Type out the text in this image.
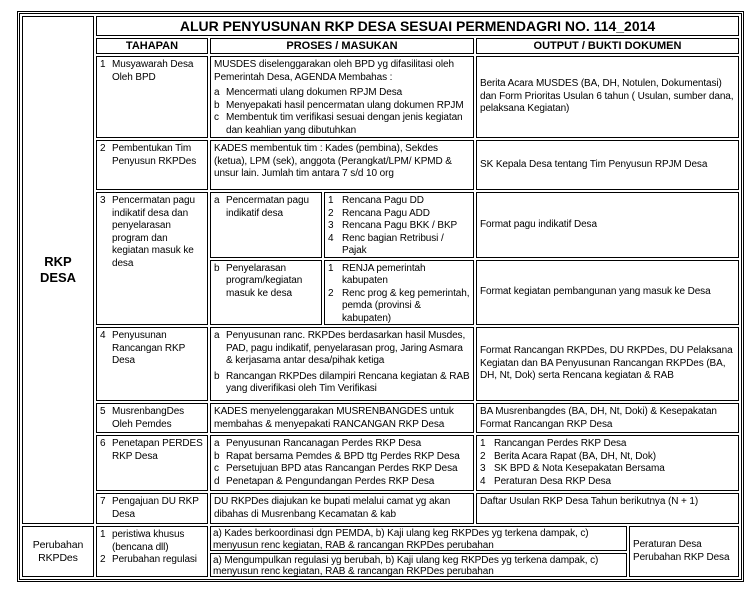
RKP
DESA
Perubahan
RKPDes
ALUR PENYUSUNAN RKP DESA SESUAI PERMENDAGRI NO. 114_2014
TAHAPAN	PROSES / MASUKAN	OUTPUT / BUKTI DOKUMEN
1 Musyawarah Desa Oleh BPD
MUSDES diselenggarakan oleh BPD yg difasilitasi oleh Pemerintah Desa, AGENDA Membahas :
a Mencermati ulang dokumen RPJM Desa
b Menyepakati hasil pencermatan ulang dokumen RPJM
c Membentuk tim verifikasi sesuai dengan jenis kegiatan dan keahlian yang dibutuhkan
Berita Acara MUSDES (BA, DH, Notulen, Dokumentasi) dan Form Prioritas Usulan 6 tahun ( Usulan, sumber dana, pelaksana Kegiatan)
2 Pembentukan Tim Penyusun RKPDes
KADES membentuk tim : Kades (pembina), Sekdes (ketua), LPM (sek), anggota (Perangkat/LPM/ KPMD & unsur lain. Jumlah tim antara 7 s/d 10 org
SK Kepala Desa tentang Tim Penyusun RPJM Desa
3 Pencermatan pagu indikatif desa dan penyelarasan program dan kegiatan masuk ke desa
a Pencermatan pagu indikatif desa
1 Rencana Pagu DD
2 Rencana Pagu ADD
3 Rencana Pagu BKK / BKP
4 Renc bagian Retribusi / Pajak
b Penyelarasan program/kegiatan masuk ke desa
1 RENJA pemerintah kabupaten
2 Renc prog & keg pemerintah, pemda (provinsi & kabupaten)
Format pagu indikatif Desa
Format kegiatan pembangunan yang masuk ke Desa
4 Penyusunan Rancangan RKP Desa
a Penyusunan ranc. RKPDes berdasarkan hasil Musdes, PAD, pagu indikatif, penyelarasan prog, Jaring Asmara & kerjasama antar desa/pihak ketiga
b Rancangan RKPDes dilampiri Rencana kegiatan & RAB yang diverifikasi oleh Tim Verifikasi
Format Rancangan RKPDes, DU RKPDes, DU Pelaksana Kegiatan dan BA Penyusunan Rancangan RKPDes (BA, DH, Nt, Dok) serta Rencana kegiatan & RAB
5 MusrenbangDes Oleh Pemdes
KADES menyelenggarakan MUSRENBANGDES untuk membahas & menyepakati RANCANGAN RKP Desa
BA Musrenbangdes (BA, DH, Nt, Doki) & Kesepakatan Format Rancangan RKP Desa
6 Penetapan PERDES RKP Desa
a Penyusunan Rancanagan Perdes RKP Desa
b Rapat bersama Pemdes & BPD ttg Perdes RKP Desa
c Persetujuan BPD atas Rancangan Perdes RKP Desa
d Penetapan & Pengundangan Perdes RKP Desa
1 Rancangan Perdes RKP Desa
2 Berita Acara Rapat (BA, DH, Nt, Dok)
3 SK BPD & Nota Kesepakatan Bersama
4 Peraturan Desa RKP Desa
7 Pengajuan DU RKP Desa
DU RKPDes diajukan ke bupati melalui camat yg akan dibahas di Musrenbang Kecamatan & kab
Daftar Usulan RKP Desa Tahun berikutnya (N + 1)
1 peristiwa khusus (bencana dll)
2 Perubahan regulasi
a) Kades berkoordinasi dgn PEMDA, b) Kaji ulang keg RKPDes yg terkena dampak, c) menyusun renc kegiatan, RAB & rancangan RKPDes perubahan
a) Mengumpulkan regulasi yg berubah, b) Kaji ulang keg RKPDes yg terkena dampak, c) menyusun renc kegiatan, RAB & rancangan RKPDes perubahan
Peraturan Desa Perubahan RKP Desa
